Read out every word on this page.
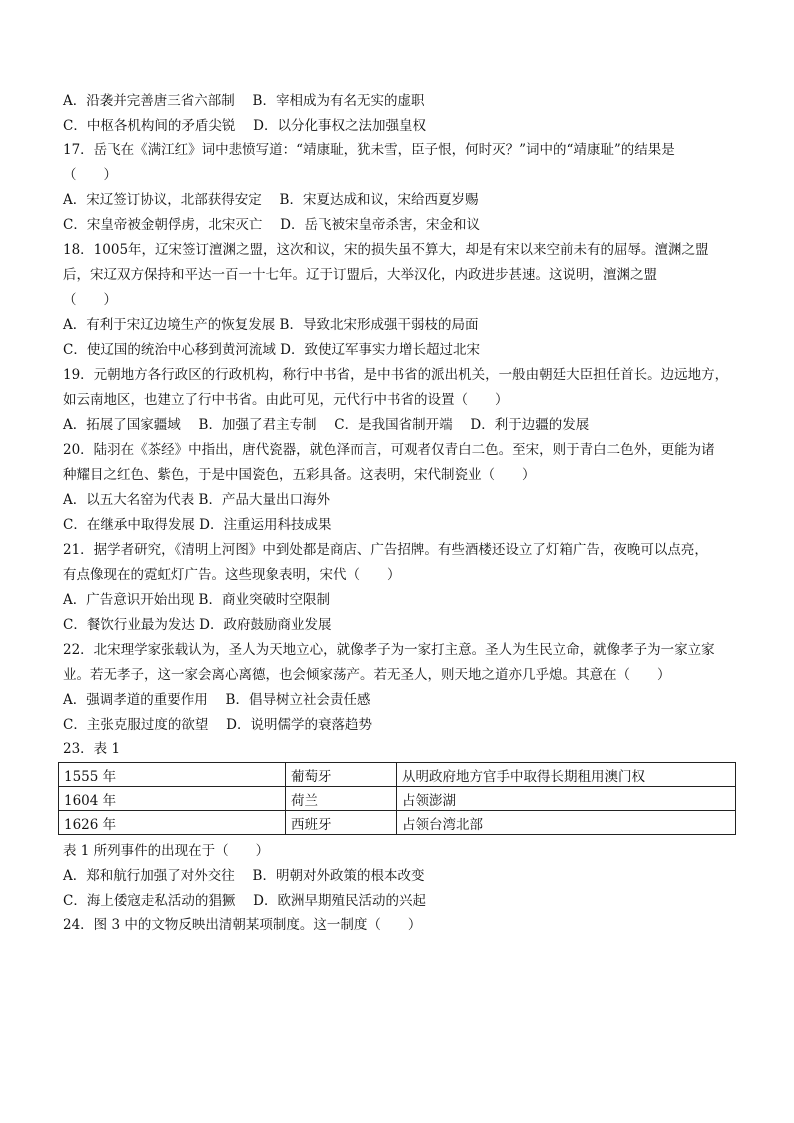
A．沿袭并完善唐三省六部制　 B．宰相成为有名无实的虚职
C．中枢各机构间的矛盾尖锐　 D．以分化事权之法加强皇权
17．岳飞在《满江红》词中悲愤写道：“靖康耻，犹未雪，臣子恨，何时灭？”词中的“靖康耻”的结果是
（　　）
A．宋辽签订协议，北部获得安定　 B．宋夏达成和议，宋给西夏岁赐
C．宋皇帝被金朝俘虏，北宋灭亡　 D．岳飞被宋皇帝杀害，宋金和议
18．1005年，辽宋签订澶渊之盟，这次和议，宋的损失虽不算大，却是有宋以来空前未有的屈辱。澶渊之盟
后，宋辽双方保持和平达一百一十七年。辽于订盟后，大举汉化，内政进步甚速。这说明，澶渊之盟
（　　）
A．有利于宋辽边境生产的恢复发展 B．导致北宋形成强干弱枝的局面
C．使辽国的统治中心移到黄河流域 D．致使辽军事实力增长超过北宋
19．元朝地方各行政区的行政机构，称行中书省，是中书省的派出机关，一般由朝廷大臣担任首长。边远地方，
如云南地区，也建立了行中书省。由此可见，元代行中书省的设置（　　）
A．拓展了国家疆域　 B．加强了君主专制　 C．是我国省制开端　 D．利于边疆的发展
20．陆羽在《茶经》中指出，唐代瓷器，就色泽而言，可观者仅青白二色。至宋，则于青白二色外，更能为诸
种耀目之红色、紫色，于是中国瓷色，五彩具备。这表明，宋代制瓷业（　　）
A．以五大名窑为代表 B．产品大量出口海外
C．在继承中取得发展 D．注重运用科技成果
21．据学者研究，《清明上河图》中到处都是商店、广告招牌。有些酒楼还设立了灯箱广告，夜晚可以点亮，
有点像现在的霓虹灯广告。这些现象表明，宋代（　　）
A．广告意识开始出现 B．商业突破时空限制
C．餐饮行业最为发达 D．政府鼓励商业发展
22．北宋理学家张载认为，圣人为天地立心，就像孝子为一家打主意。圣人为生民立命，就像孝子为一家立家
业。若无孝子，这一家会离心离德，也会倾家荡产。若无圣人，则天地之道亦几乎熄。其意在（　　）
A．强调孝道的重要作用　 B．倡导树立社会责任感
C．主张克服过度的欲望　 D．说明儒学的衰落趋势
23．表 1
1555 年	葡萄牙	从明政府地方官手中取得长期租用澳门权
1604 年	荷兰	占领澎湖
1626 年	西班牙	占领台湾北部
表 1 所列事件的出现在于（　　）
A．郑和航行加强了对外交往　 B．明朝对外政策的根本改变
C．海上倭寇走私活动的猖獗　 D．欧洲早期殖民活动的兴起
24．图 3 中的文物反映出清朝某项制度。这一制度（　　）
